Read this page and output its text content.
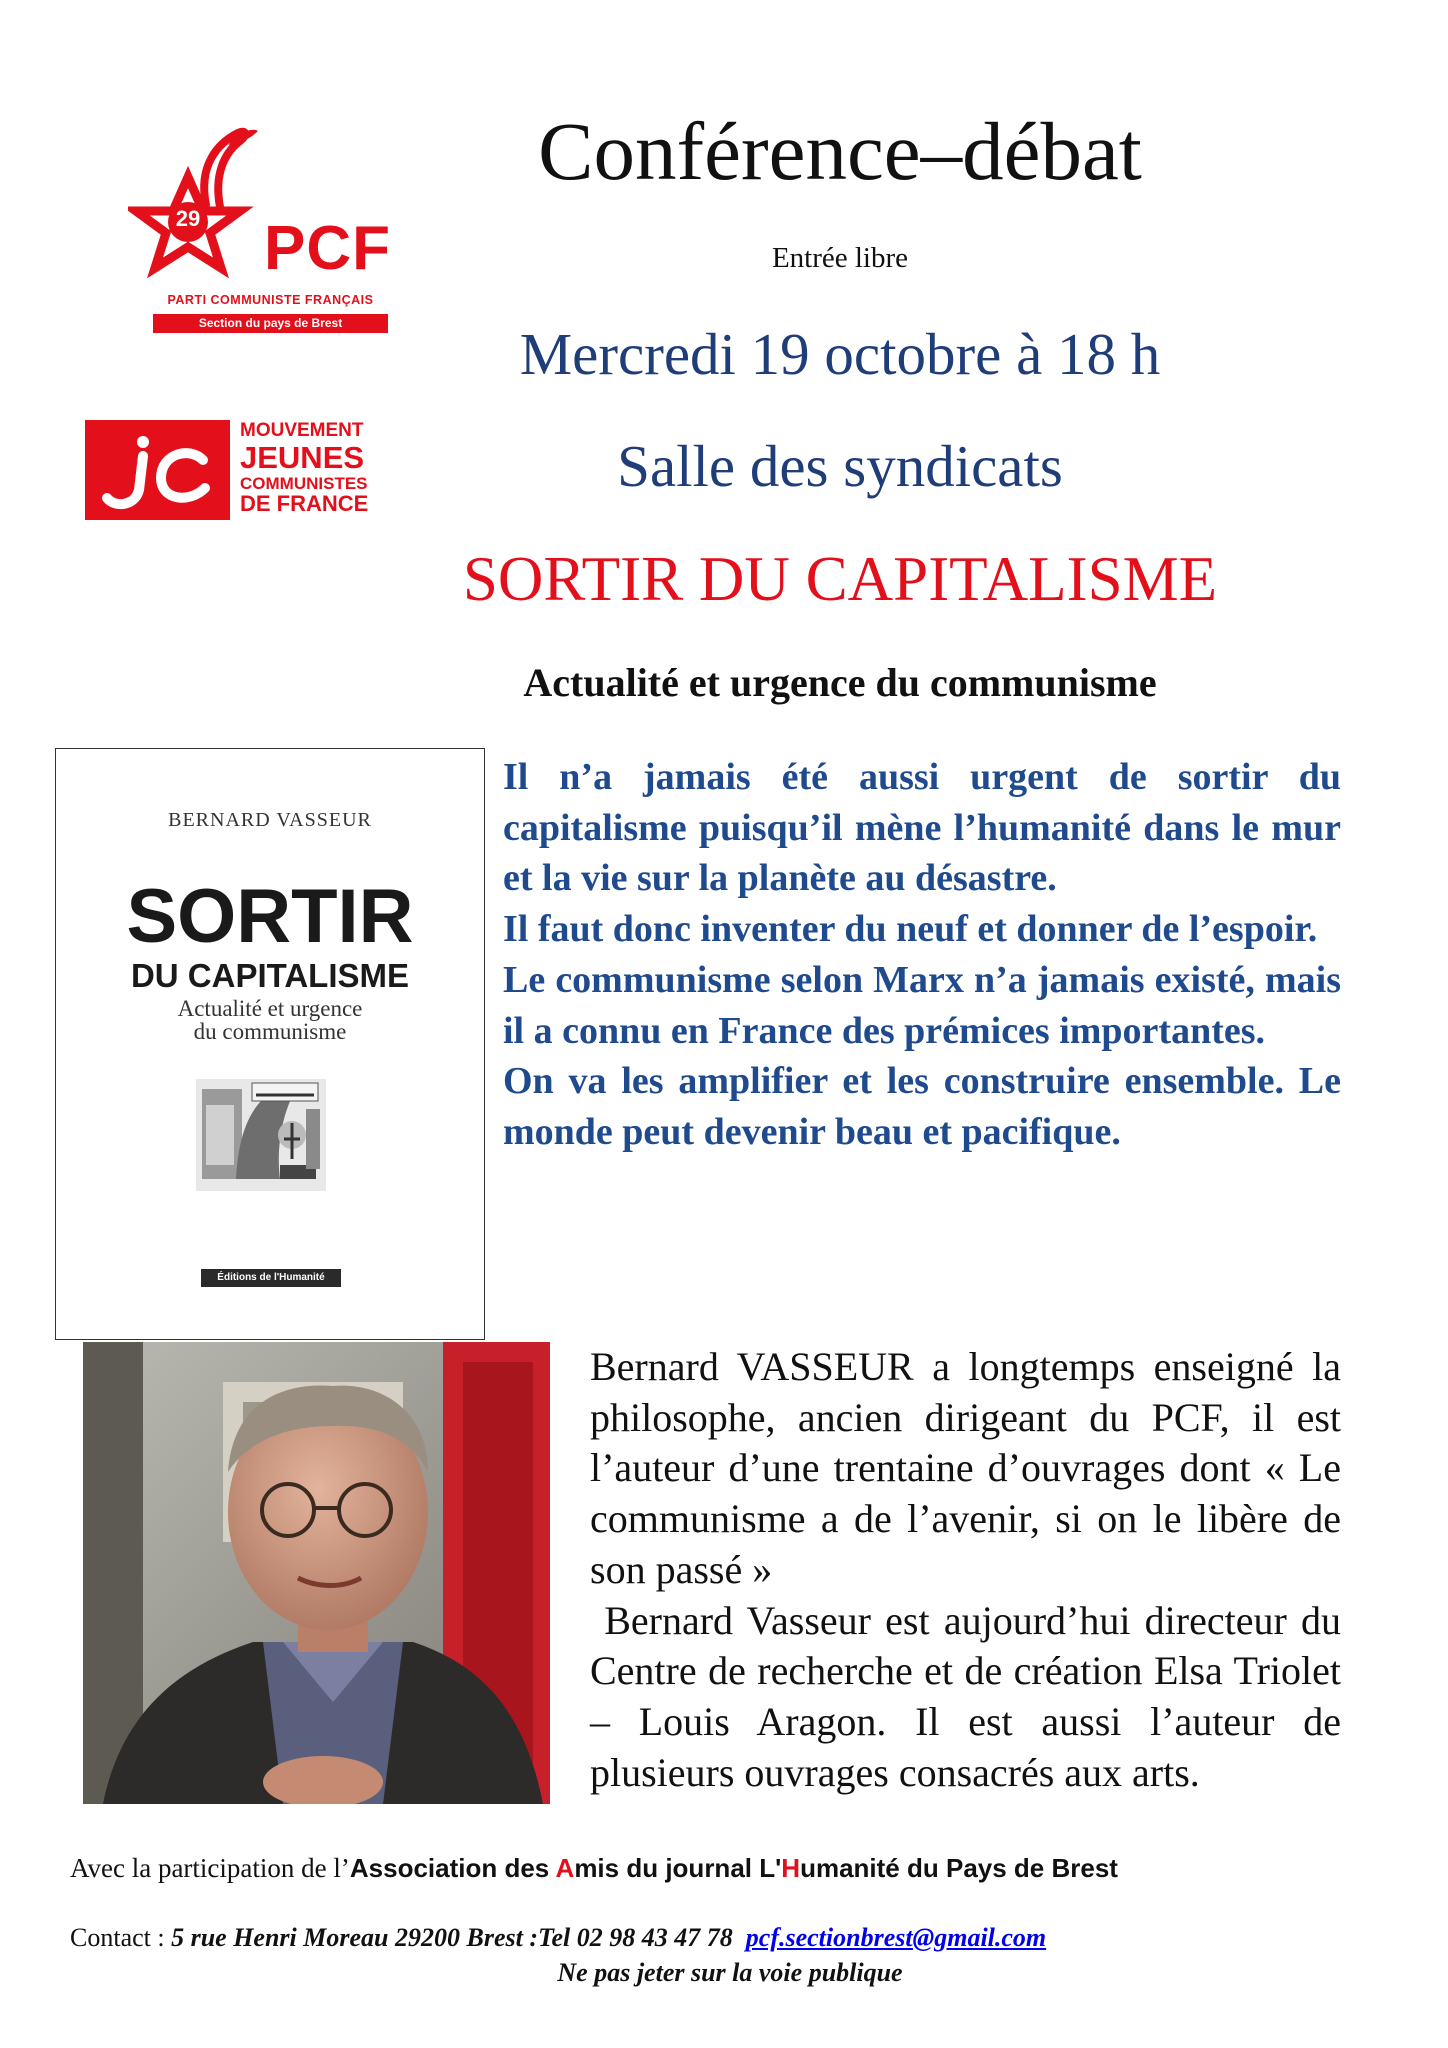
29 PCF
PARTI COMMUNISTE FRANÇAIS
Section du pays de Brest
MOUVEMENT
JEUNES
COMMUNISTES
DE FRANCE
Conférence–débat
Entrée libre
Mercredi 19 octobre à 18 h
Salle des syndicats
SORTIR DU CAPITALISME
Actualité et urgence du communisme
BERNARD VASSEUR
SORTIR
DU CAPITALISME
Actualité et urgence
du communisme
Éditions de l'Humanité

Il n’a jamais été aussi urgent de sortir du capitalisme puisqu’il mène l’humanité dans le mur et la vie sur la planète au désastre.

Il faut donc inventer du neuf et donner de l’espoir.

Le communisme selon Marx n’a jamais existé, mais il a connu en France des prémices importantes.

On va les amplifier et les construire ensemble. Le monde peut devenir beau et pacifique.

Bernard VASSEUR a longtemps enseigné la philosophe, ancien dirigeant du PCF, il est l’auteur d’une trentaine d’ouvrages dont « Le communisme a de l’avenir, si on le libère de son passé »

Bernard Vasseur est aujourd’hui directeur du Centre de recherche et de création Elsa Triolet – Louis Aragon. Il est aussi l’auteur de plusieurs ouvrages consacrés aux arts.

Avec la participation de l’Association des Amis du journal L'Humanité du Pays de Brest
Contact : 5 rue Henri Moreau 29200 Brest :Tel 02 98 43 47 78 pcf.sectionbrest@gmail.com
Ne pas jeter sur la voie publique
